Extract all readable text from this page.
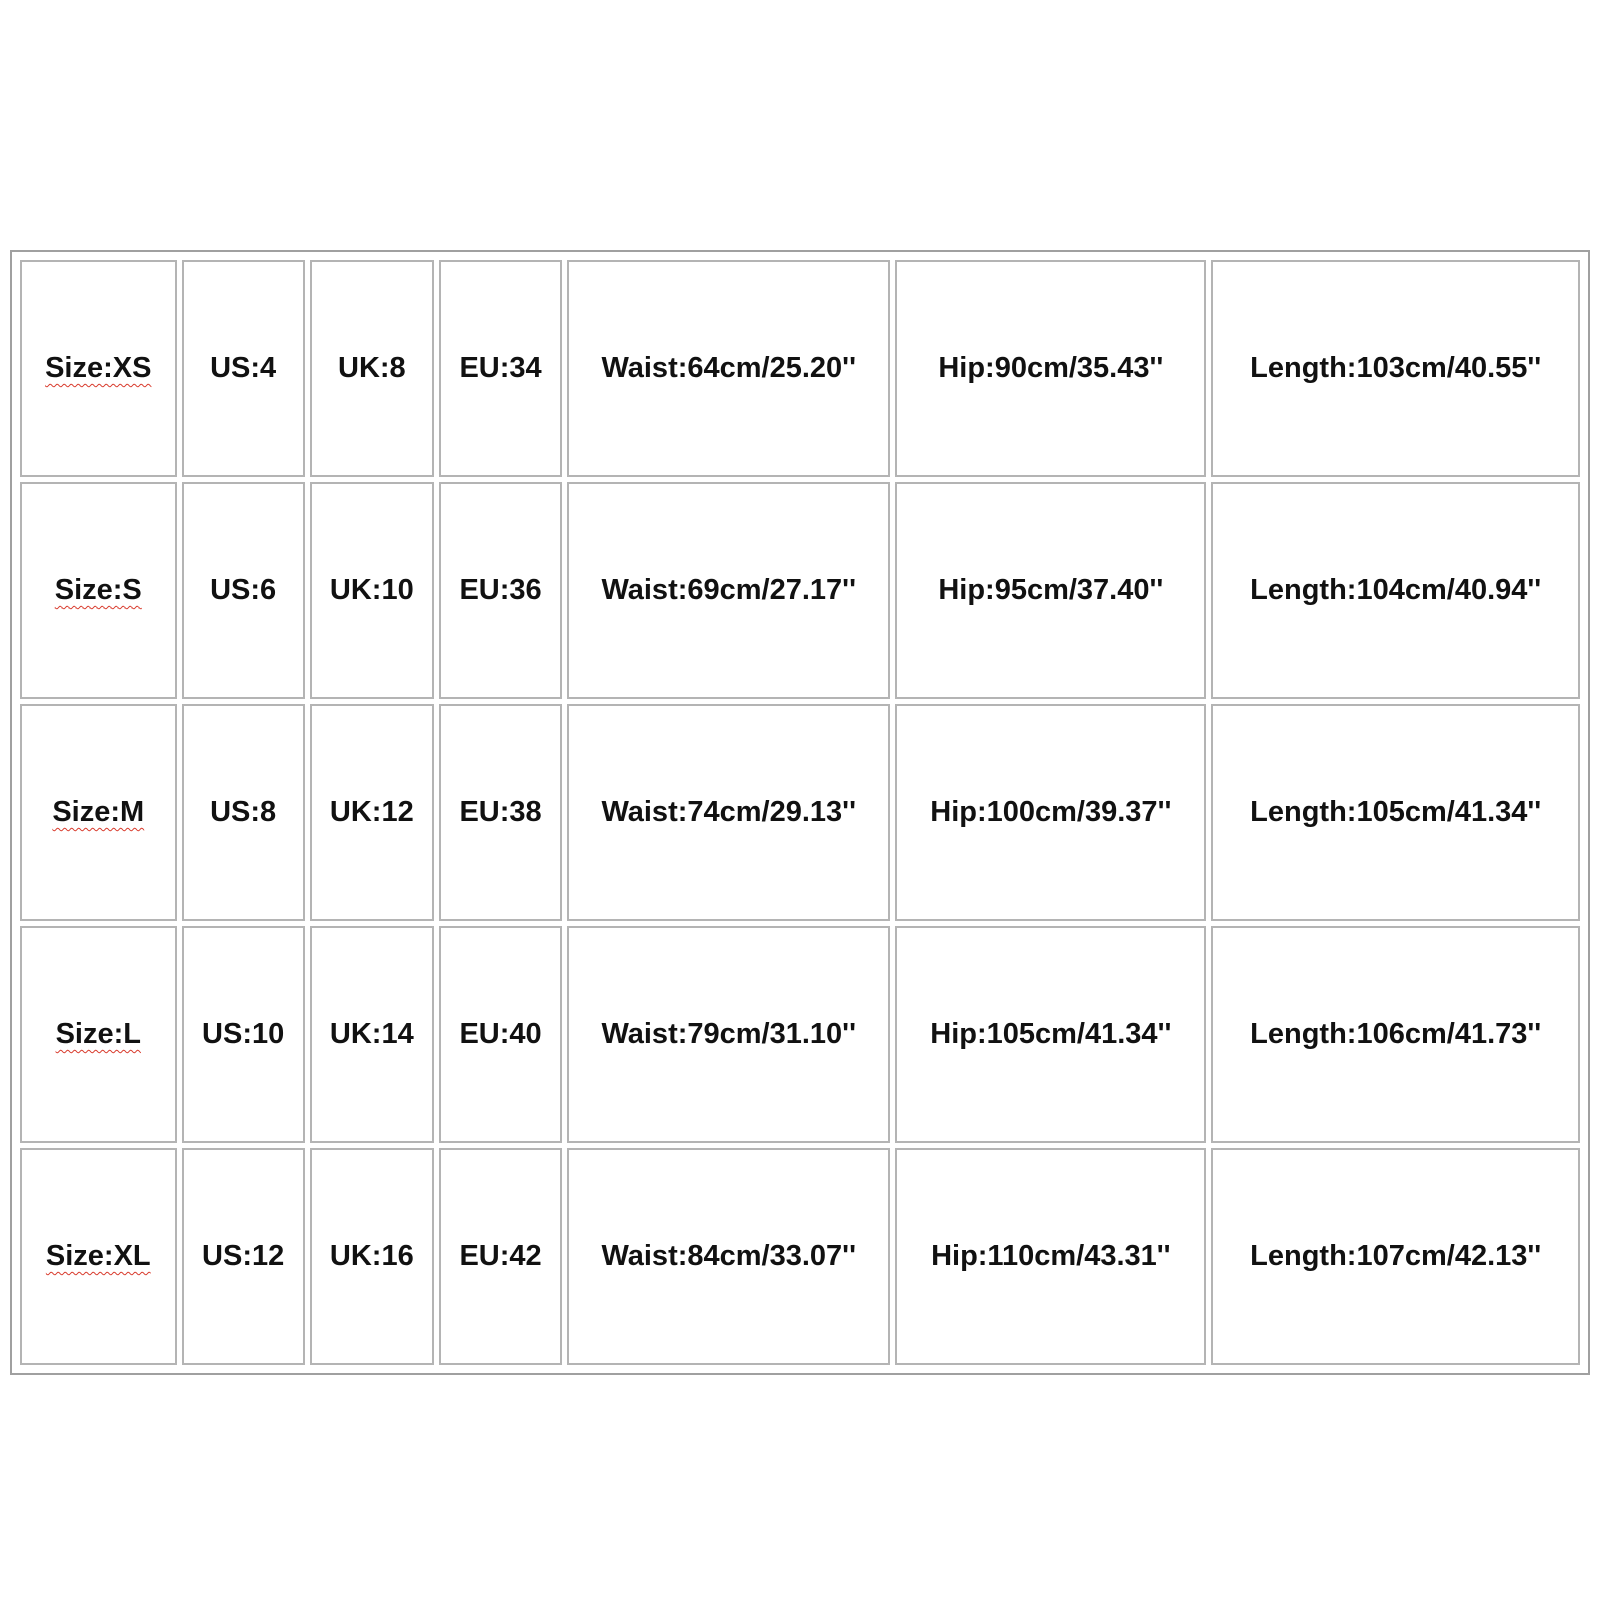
Size:XS	US:4	UK:8	EU:34	Waist:64cm/25.20''	Hip:90cm/35.43''	Length:103cm/40.55''
Size:S	US:6	UK:10	EU:36	Waist:69cm/27.17''	Hip:95cm/37.40''	Length:104cm/40.94''
Size:M	US:8	UK:12	EU:38	Waist:74cm/29.13''	Hip:100cm/39.37''	Length:105cm/41.34''
Size:L	US:10	UK:14	EU:40	Waist:79cm/31.10''	Hip:105cm/41.34''	Length:106cm/41.73''
Size:XL	US:12	UK:16	EU:42	Waist:84cm/33.07''	Hip:110cm/43.31''	Length:107cm/42.13''
